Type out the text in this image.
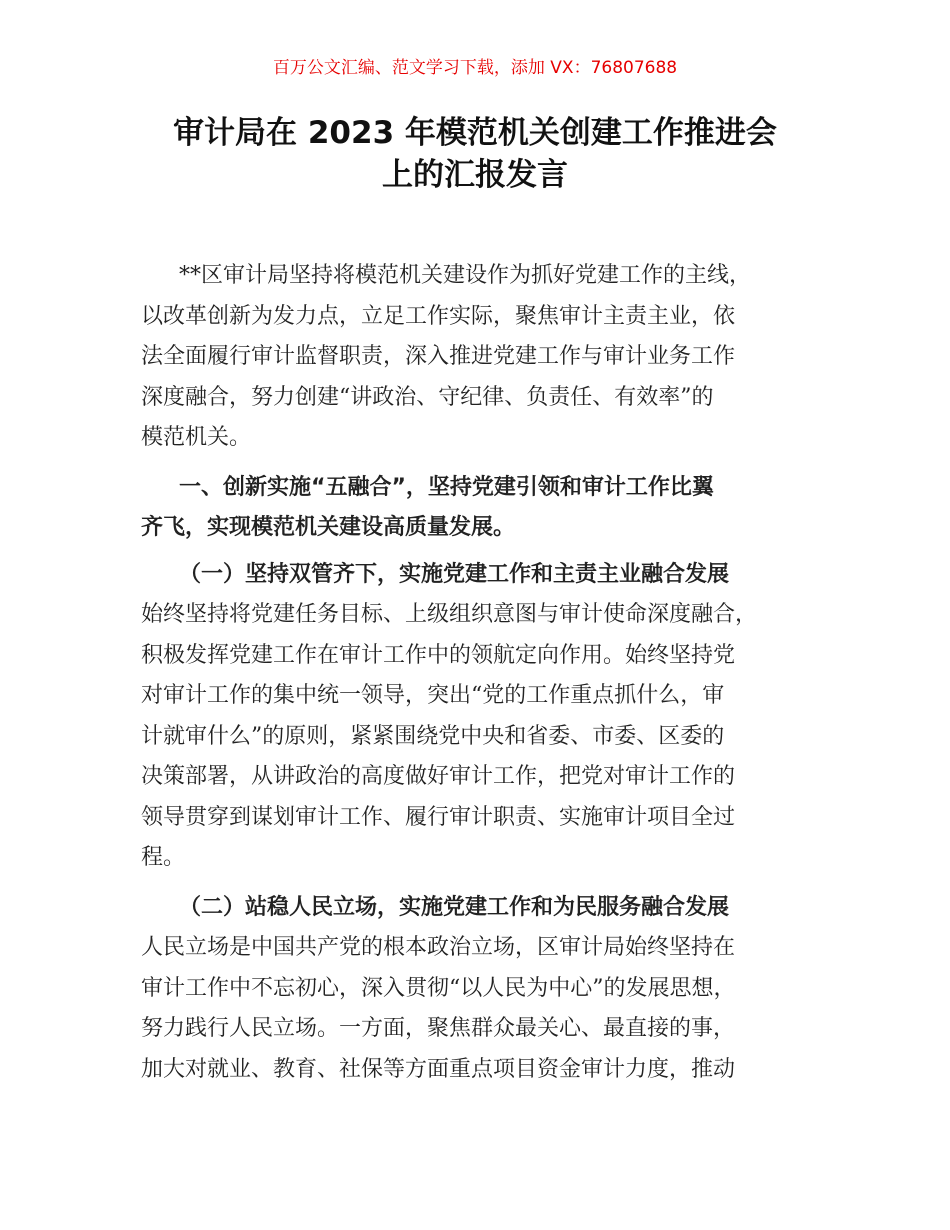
百万公文汇编、范文学习下载，添加 VX：76807688
审计局在 2023 年模范机关创建工作推进会
上的汇报发言
**区审计局坚持将模范机关建设作为抓好党建工作的主线，
以改革创新为发力点，立足工作实际，聚焦审计主责主业，依
法全面履行审计监督职责，深入推进党建工作与审计业务工作
深度融合，努力创建“讲政治、守纪律、负责任、有效率”的
模范机关。
一、创新实施“五融合”，坚持党建引领和审计工作比翼
齐飞，实现模范机关建设高质量发展。
（一）坚持双管齐下，实施党建工作和主责主业融合发展
始终坚持将党建任务目标、上级组织意图与审计使命深度融合，
积极发挥党建工作在审计工作中的领航定向作用。始终坚持党
对审计工作的集中统一领导，突出“党的工作重点抓什么，审
计就审什么”的原则，紧紧围绕党中央和省委、市委、区委的
决策部署，从讲政治的高度做好审计工作，把党对审计工作的
领导贯穿到谋划审计工作、履行审计职责、实施审计项目全过
程。
（二）站稳人民立场，实施党建工作和为民服务融合发展
人民立场是中国共产党的根本政治立场，区审计局始终坚持在
审计工作中不忘初心，深入贯彻“以人民为中心”的发展思想，
努力践行人民立场。一方面，聚焦群众最关心、最直接的事，
加大对就业、教育、社保等方面重点项目资金审计力度，推动
